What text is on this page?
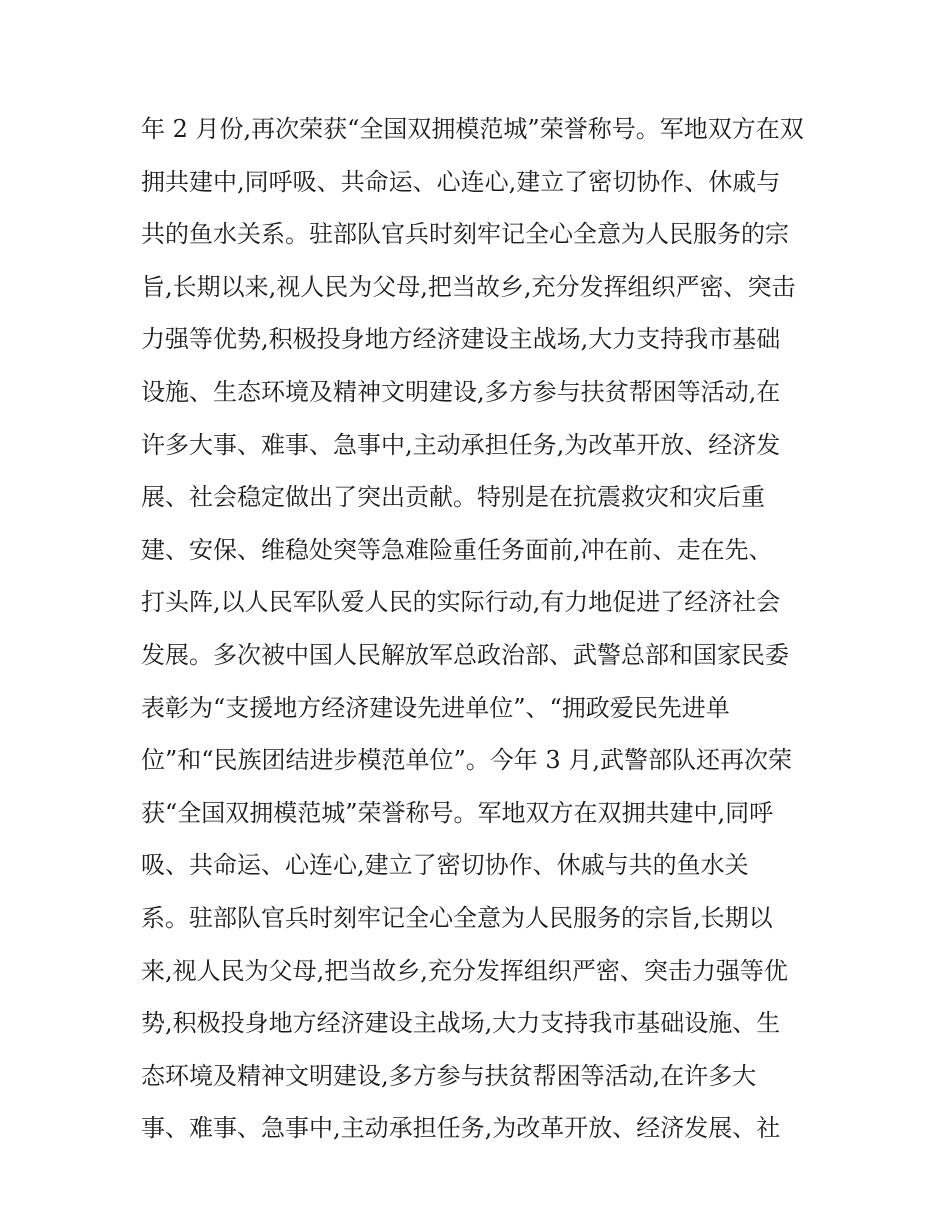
年 2 月份,再次荣获“全国双拥模范城”荣誉称号。军地双方在双
拥共建中,同呼吸、共命运、心连心,建立了密切协作、休戚与
共的鱼水关系。驻部队官兵时刻牢记全心全意为人民服务的宗
旨,长期以来,视人民为父母,把当故乡,充分发挥组织严密、突击
力强等优势,积极投身地方经济建设主战场,大力支持我市基础
设施、生态环境及精神文明建设,多方参与扶贫帮困等活动,在
许多大事、难事、急事中,主动承担任务,为改革开放、经济发
展、社会稳定做出了突出贡献。特别是在抗震救灾和灾后重
建、安保、维稳处突等急难险重任务面前,冲在前、走在先、
打头阵,以人民军队爱人民的实际行动,有力地促进了经济社会
发展。多次被中国人民解放军总政治部、武警总部和国家民委
表彰为“支援地方经济建设先进单位”、“拥政爱民先进单
位”和“民族团结进步模范单位”。今年 3 月,武警部队还再次荣
获“全国双拥模范城”荣誉称号。军地双方在双拥共建中,同呼
吸、共命运、心连心,建立了密切协作、休戚与共的鱼水关
系。驻部队官兵时刻牢记全心全意为人民服务的宗旨,长期以
来,视人民为父母,把当故乡,充分发挥组织严密、突击力强等优
势,积极投身地方经济建设主战场,大力支持我市基础设施、生
态环境及精神文明建设,多方参与扶贫帮困等活动,在许多大
事、难事、急事中,主动承担任务,为改革开放、经济发展、社
